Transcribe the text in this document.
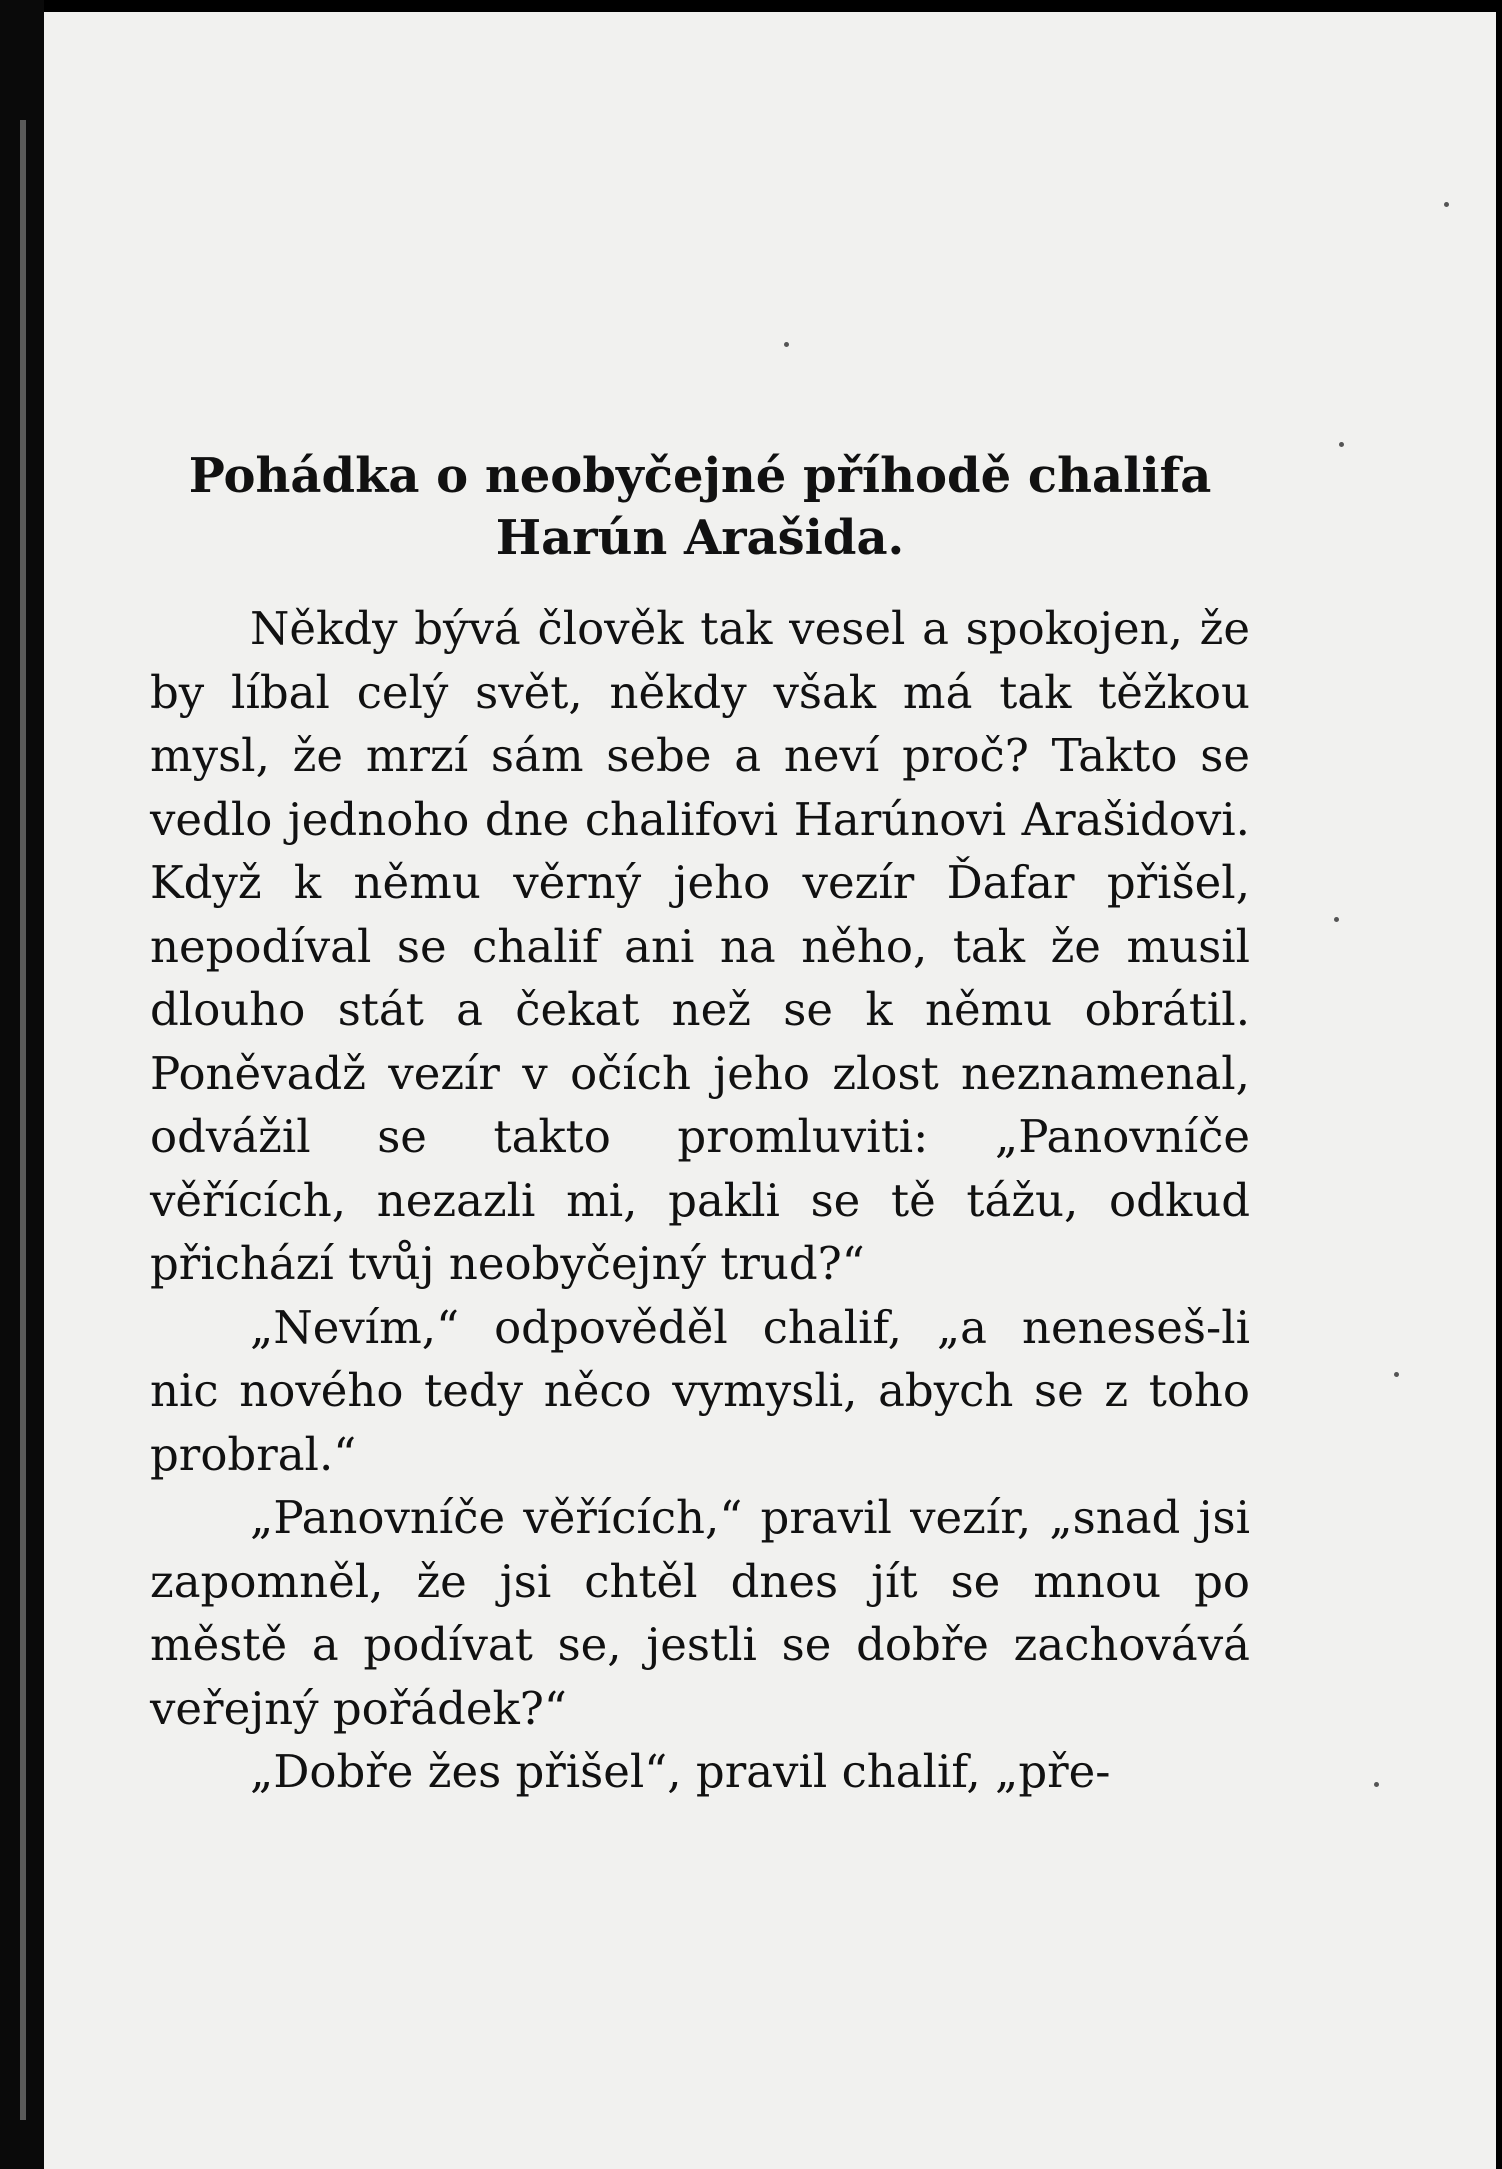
Pohádka o neobyčejné příhodě chalifa
Harún Arašida.

Někdy bývá člověk tak vesel a spokojen, že by líbal celý svět, někdy však má tak těžkou mysl, že mrzí sám sebe a neví proč? Takto se vedlo jednoho dne chalifovi Harúnovi Arašidovi. Když k němu věrný jeho vezír Ďafar přišel, nepodíval se chalif ani na něho, tak že musil dlouho stát a čekat než se k němu obrátil. Poněvadž vezír v očích jeho zlost neznamenal, odvážil se takto promluviti: „Panovníče věřících, nezazli mi, pakli se tě tážu, odkud přichází tvůj neobyčejný trud?“

„Nevím,“ odpověděl chalif, „a neneseš-li nic nového tedy něco vymysli, abych se z toho probral.“

„Panovníče věřících,“ pravil vezír, „snad jsi zapomněl, že jsi chtěl dnes jít se mnou po městě a podívat se, jestli se dobře zachovává veřejný pořádek?“

„Dobře žes přišel“, pravil chalif, „pře-
